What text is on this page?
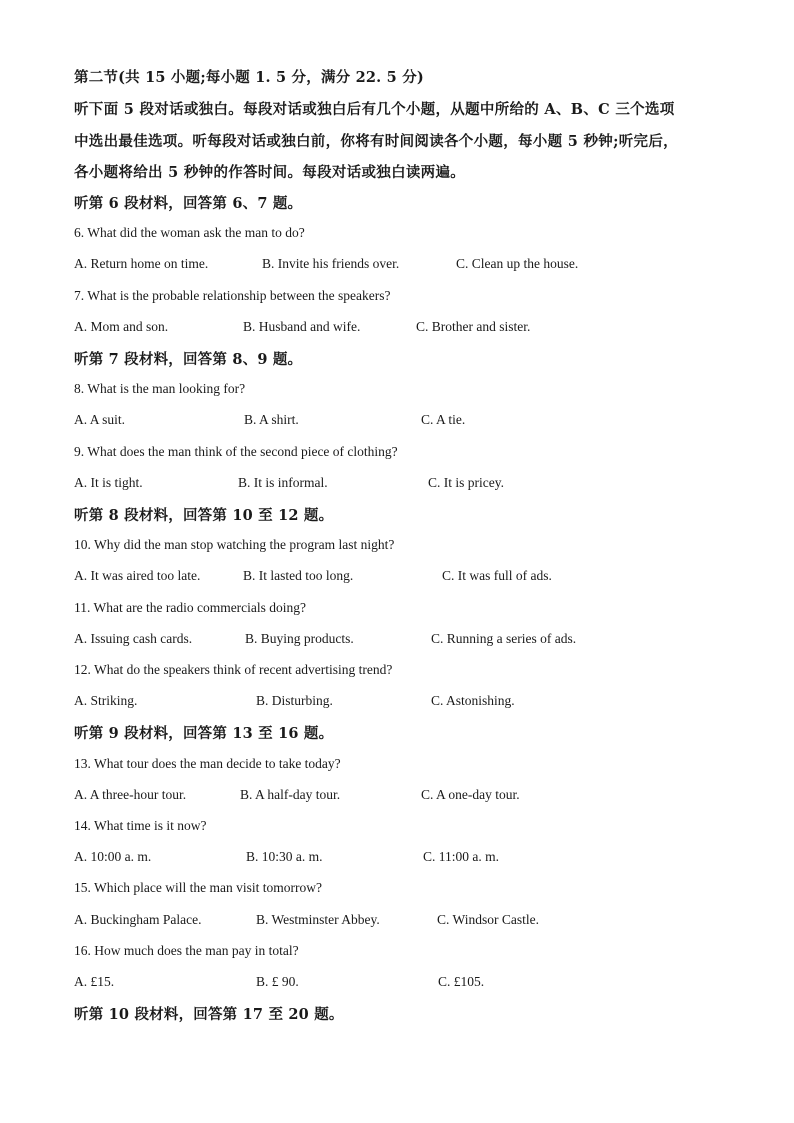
第二节(共 15 小题;每小题 1. 5 分，满分 22. 5 分)
听下面 5 段对话或独白。每段对话或独白后有几个小题，从题中所给的 A、B、C 三个选项
中选出最佳选项。听每段对话或独白前，你将有时间阅读各个小题，每小题 5 秒钟;听完后，
各小题将给出 5 秒钟的作答时间。每段对话或独白读两遍。
听第 6 段材料，回答第 6、7 题。
6. What did the woman ask the man to do?
A. Return home on time.	B. Invite his friends over.	C. Clean up the house.
7. What is the probable relationship between the speakers?
A. Mom and son.	B. Husband and wife.	C. Brother and sister.
听第 7 段材料，回答第 8、9 题。
8. What is the man looking for?
A. A suit.	B. A shirt.	C. A tie.
9. What does the man think of the second piece of clothing?
A. It is tight.	B. It is informal.	C. It is pricey.
听第 8 段材料，回答第 10 至 12 题。
10. Why did the man stop watching the program last night?
A. It was aired too late.	B. It lasted too long.	C. It was full of ads.
11. What are the radio commercials doing?
A. Issuing cash cards.	B. Buying products.	C. Running a series of ads.
12. What do the speakers think of recent advertising trend?
A. Striking.	B. Disturbing.	C. Astonishing.
听第 9 段材料，回答第 13 至 16 题。
13. What tour does the man decide to take today?
A. A three-hour tour.	B. A half-day tour.	C. A one-day tour.
14. What time is it now?
A. 10:00 a. m.	B. 10:30 a. m.	C. 11:00 a. m.
15. Which place will the man visit tomorrow?
A. Buckingham Palace.	B. Westminster Abbey.	C. Windsor Castle.
16. How much does the man pay in total?
A. £15.	B. £ 90.	C. £105.
听第 10 段材料，回答第 17 至 20 题。
